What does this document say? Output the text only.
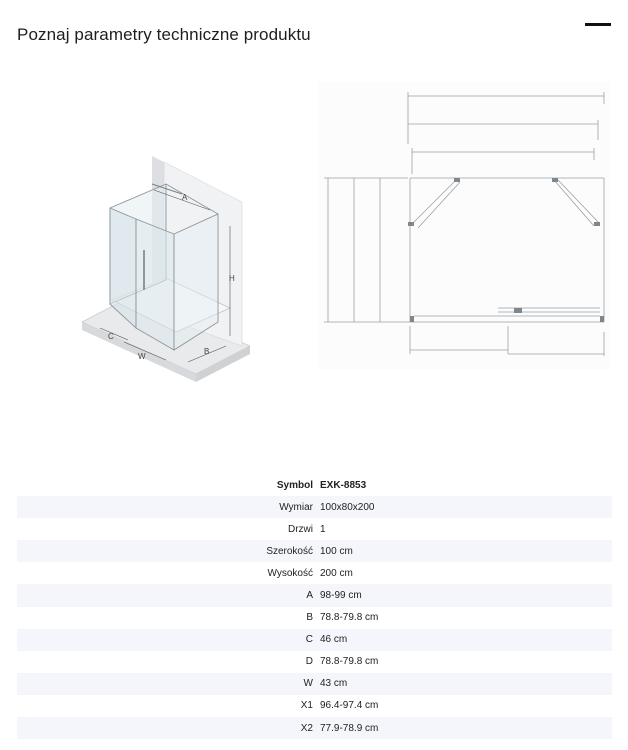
Poznaj parametry techniczne produktu
A
H
C
W
B
Symbol	EXK-8853
Wymiar	100x80x200
Drzwi	1
Szerokość	100 cm
Wysokość	200 cm
A	98-99 cm
B	78.8-79.8 cm
C	46 cm
D	78.8-79.8 cm
W	43 cm
X1	96.4-97.4 cm
X2	77.9-78.9 cm
